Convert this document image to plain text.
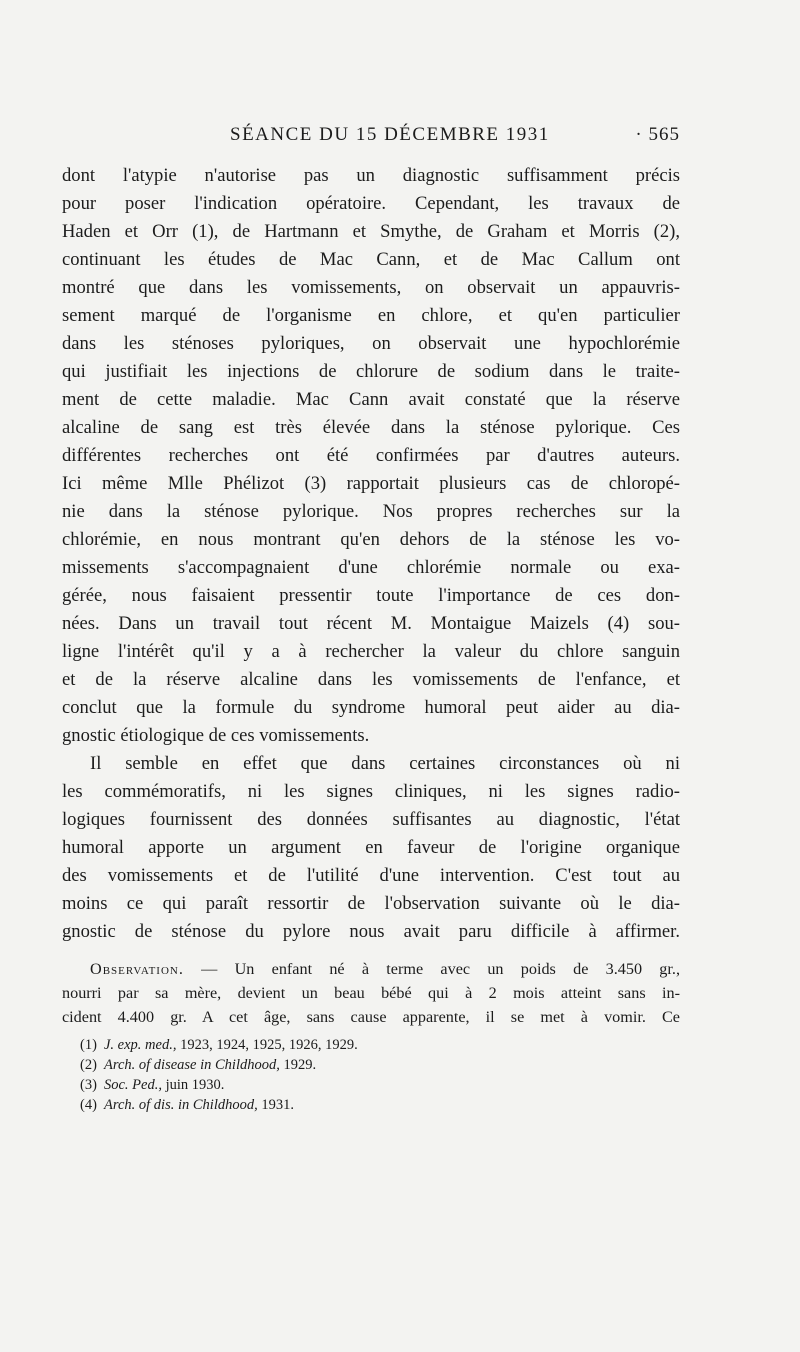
SÉANCE DU 15 DÉCEMBRE 1931	· 565
dont l'atypie n'autorise pas un diagnostic suffisamment précis
pour poser l'indication opératoire. Cependant, les travaux de
Haden et Orr (1), de Hartmann et Smythe, de Graham et Morris (2),
continuant les études de Mac Cann, et de Mac Callum ont
montré que dans les vomissements, on observait un appauvris-
sement marqué de l'organisme en chlore, et qu'en particulier
dans les sténoses pyloriques, on observait une hypochlorémie
qui justifiait les injections de chlorure de sodium dans le traite-
ment de cette maladie. Mac Cann avait constaté que la réserve
alcaline de sang est très élevée dans la sténose pylorique. Ces
différentes recherches ont été confirmées par d'autres auteurs.
Ici même Mlle Phélizot (3) rapportait plusieurs cas de chloropé-
nie dans la sténose pylorique. Nos propres recherches sur la
chlorémie, en nous montrant qu'en dehors de la sténose les vo-
missements s'accompagnaient d'une chlorémie normale ou exa-
gérée, nous faisaient pressentir toute l'importance de ces don-
nées. Dans un travail tout récent M. Montaigue Maizels (4) sou-
ligne l'intérêt qu'il y a à rechercher la valeur du chlore sanguin
et de la réserve alcaline dans les vomissements de l'enfance, et
conclut que la formule du syndrome humoral peut aider au dia-
gnostic étiologique de ces vomissements.
Il semble en effet que dans certaines circonstances où ni
les commémoratifs, ni les signes cliniques, ni les signes radio-
logiques fournissent des données suffisantes au diagnostic, l'état
humoral apporte un argument en faveur de l'origine organique
des vomissements et de l'utilité d'une intervention. C'est tout au
moins ce qui paraît ressortir de l'observation suivante où le dia-
gnostic de sténose du pylore nous avait paru difficile à affirmer.
Observation. — Un enfant né à terme avec un poids de 3.450 gr.,
nourri par sa mère, devient un beau bébé qui à 2 mois atteint sans in-
cident 4.400 gr. A cet âge, sans cause apparente, il se met à vomir. Ce
(1) J. exp. med., 1923, 1924, 1925, 1926, 1929.
(2) Arch. of disease in Childhood, 1929.
(3) Soc. Ped., juin 1930.
(4) Arch. of dis. in Childhood, 1931.
